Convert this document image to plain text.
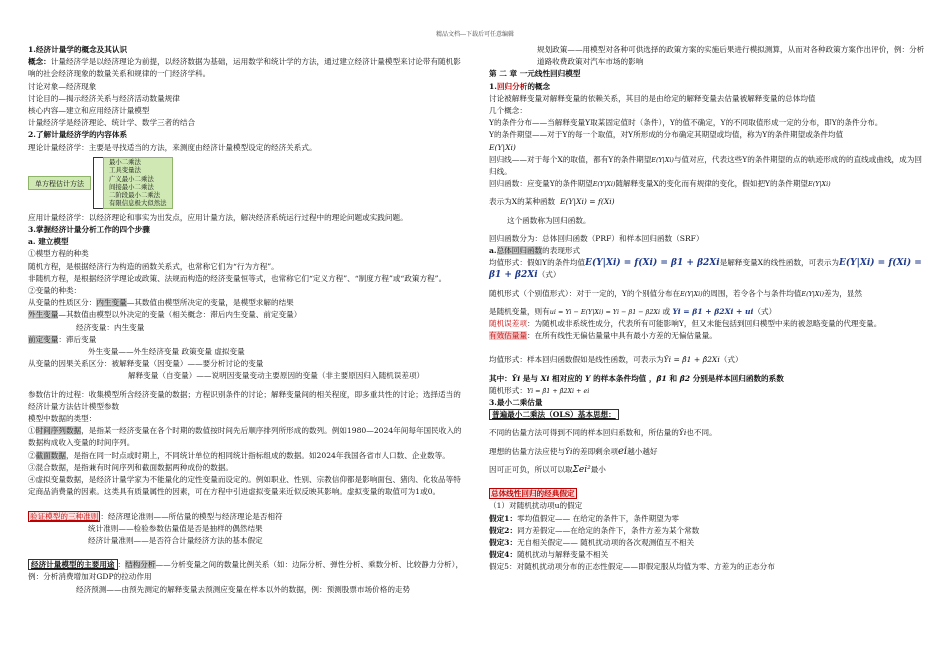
精品文档---下载后可任意编辑

1.经济计量学的概念及其认识

概念：计量经济学是以经济理论为前提，以经济数据为基础，运用数学和统计学的方法，通过建立经济计量模型来讨论带有随机影响的社会经济现象的数量关系和规律的一门经济学科。

讨论对象—经济现象

讨论目的—揭示经济关系与经济活动数量规律

核心内容—建立和应用经济计量模型

计量经济学是经济理论、统计学、数学三者的结合

2.了解计量经济学的内容体系

理论计量经济学：主要是寻找适当的方法，来测度由经济计量模型设定的经济关系式。

单方程估计方法
最小二乘法
工具变量法
广义最小二乘法
间接最小二乘法
二阶段最小二乘法
有限信息极大似然法

应用计量经济学：以经济理论和事实为出发点，应用计量方法，解决经济系统运行过程中的理论问题或实践问题。

3.掌握经济计量分析工作的四个步骤

a. 建立模型

①模型方程的种类

随机方程，是根据经济行为构造的函数关系式，也常称它们为“行为方程”。

非随机方程，是根据经济学理论或政策、法规而构造的经济变量恒等式，也常称它们“定义方程”、“制度方程”或“政策方程”。

②变量的种类：

从变量的性质区分：内生变量—其数值由模型所决定的变量，是模型求解的结果

外生变量—其数值由模型以外决定的变量（相关概念：滞后内生变量、前定变量）

经济变量：内生变量

前定变量：滞后变量

外生变量——外生经济变量 政策变量 虚拟变量

从变量的因果关系区分：被解释变量（因变量）——要分析讨论的变量

解释变量（自变量）——说明因变量变动主要原因的变量（非主要原因归入随机误差项）

参数估计的过程：收集模型所含经济变量的数据；方程识别条件的讨论；解释变量间的相关程度，即多重共性的讨论；选择适当的经济计量方法估计模型参数

模型中数据的类型：

①时间序列数据，是指某一经济变量在各个时期的数值按时间先后顺序排列所形成的数列。例如1980—2024年间每年国民收入的数据构成收入变量的时间序列。

②截面数据，是指在同一时点或时期上，不同统计单位的相同统计指标组成的数据。如2024年我国各省市人口数、企业数等。

③混合数据，是指兼有时间序列和截面数据两种成份的数据。

④虚拟变量数据，是经济计量学家为不能量化的定性变量而设定的。例如职业、性别、宗教信仰都是影响面包、猪肉、化妆品等特定商品消费量的因素。这类具有质量属性的因素，可在方程中引进虚拟变量来近似反映其影响。虚拟变量的取值可为1或0。

验证模型的三种准则 ：经济理论准则——所估量的模型与经济理论是否相符

统计准则——检验参数估量值是否是抽样的偶然结果

经济计量准则——是否符合计量经济方法的基本假定

经济计量模型的主要用途 ：结构分析——分析变量之间的数量比例关系（如：边际分析、弹性分析、乘数分析、比较静力分析），例：分析消费增加对GDP的拉动作用

经济预测——由预先测定的解释变量去预测应变量在样本以外的数据，例：预测股票市场价格的走势

规划政策——用模型对各种可供选择的政策方案的实施后果进行模拟测算，从而对各种政策方案作出评价，例：分析道路收费政策对汽车市场的影响

第 二 章 一元线性回归模型

1.回归分析的概念

讨论被解释变量对解释变量的依赖关系，其目的是由给定的解释变量去估量被解释变量的总体均值

几个概念：

Y的条件分布——当解释变量Y取某固定值时（条件），Y的值不确定，Y的不同取值形成一定的分布，即Y的条件分布。

Y的条件期望——对于Y的每一个取值，对Y所形成的分布确定其期望或均值，称为Y的条件期望或条件均值

E(Y|Xi)

回归线——对于每个X的取值，都有Y的条件期望E(Y|Xi)与值对应，代表这些Y的条件期望的点的轨迹形成的的直线或曲线，成为回归线。

回归函数：应变量Y的条件期望E(Y|Xi)随解释变量X的变化而有规律的变化，假如把Y的条件期望E(Y|Xi)

表示为X的某种函数 E(Y|Xi) = f(Xi)

这个函数称为回归函数。

回归函数分为：总体回归函数（PRF）和样本回归函数（SRF）

a.总体回归函数的表现形式

均值形式：假如Y的条件均值E(Y|Xi) = f(Xi) = β1 + β2Xi是解释变量X的线性函数，可表示为E(Y|Xi) = f(Xi) = β1 + β2Xi（式）

随机形式（个别值形式）：对于一定的，Y的个别值分布在E(Y|Xi)的周围，若令各个与条件均值E(Y|Xi)差为，显然

是随机变量，则有ui = Yi − E(Y|Xi) = Yi − β1 − β2Xi 或 Yi = β1 + β2Xi + ui（式）

随机误差项：为随机或非系统性成分，代表所有可能影响Y，但又未能包括到回归模型中来的被忽略变量的代理变量。

有效估量量：在所有线性无偏估量量中具有最小方差的无偏估量量。

均值形式：样本回归函数假如是线性函数，可表示为Ŷi = β̂1 + β̂2Xi（式）

其中：Ŷi 是与 Xi 相对应的 Y 的样本条件均值 ，β̂1 和 β̂2 分别是样本回归函数的系数

随机形式：Yi = β̂1 + β̂2Xi + ei

3.最小二乘估量

普遍最小二乘法（OLS）基本思想：

不同的估量方法可得到不同的样本回归系数和，所估量的Ŷi也不同。

理想的估量方法应使与Ŷi的差即剩余项ei越小越好

因可正可负，所以可以取Σei²最小

总体线性回归的经典假定

（1）对随机扰动项u的假定

假定1：零均值假定—— 在给定的条件下，条件期望为零

假定2：同方差假定——在给定的条件下，条件方差为某个常数

假定3：无自相关假定—— 随机扰动项的各次观测值互不相关

假定4：随机扰动与解释变量不相关

假定5：对随机扰动项分布的正态性假定——即假定服从均值为零、方差为的正态分布
